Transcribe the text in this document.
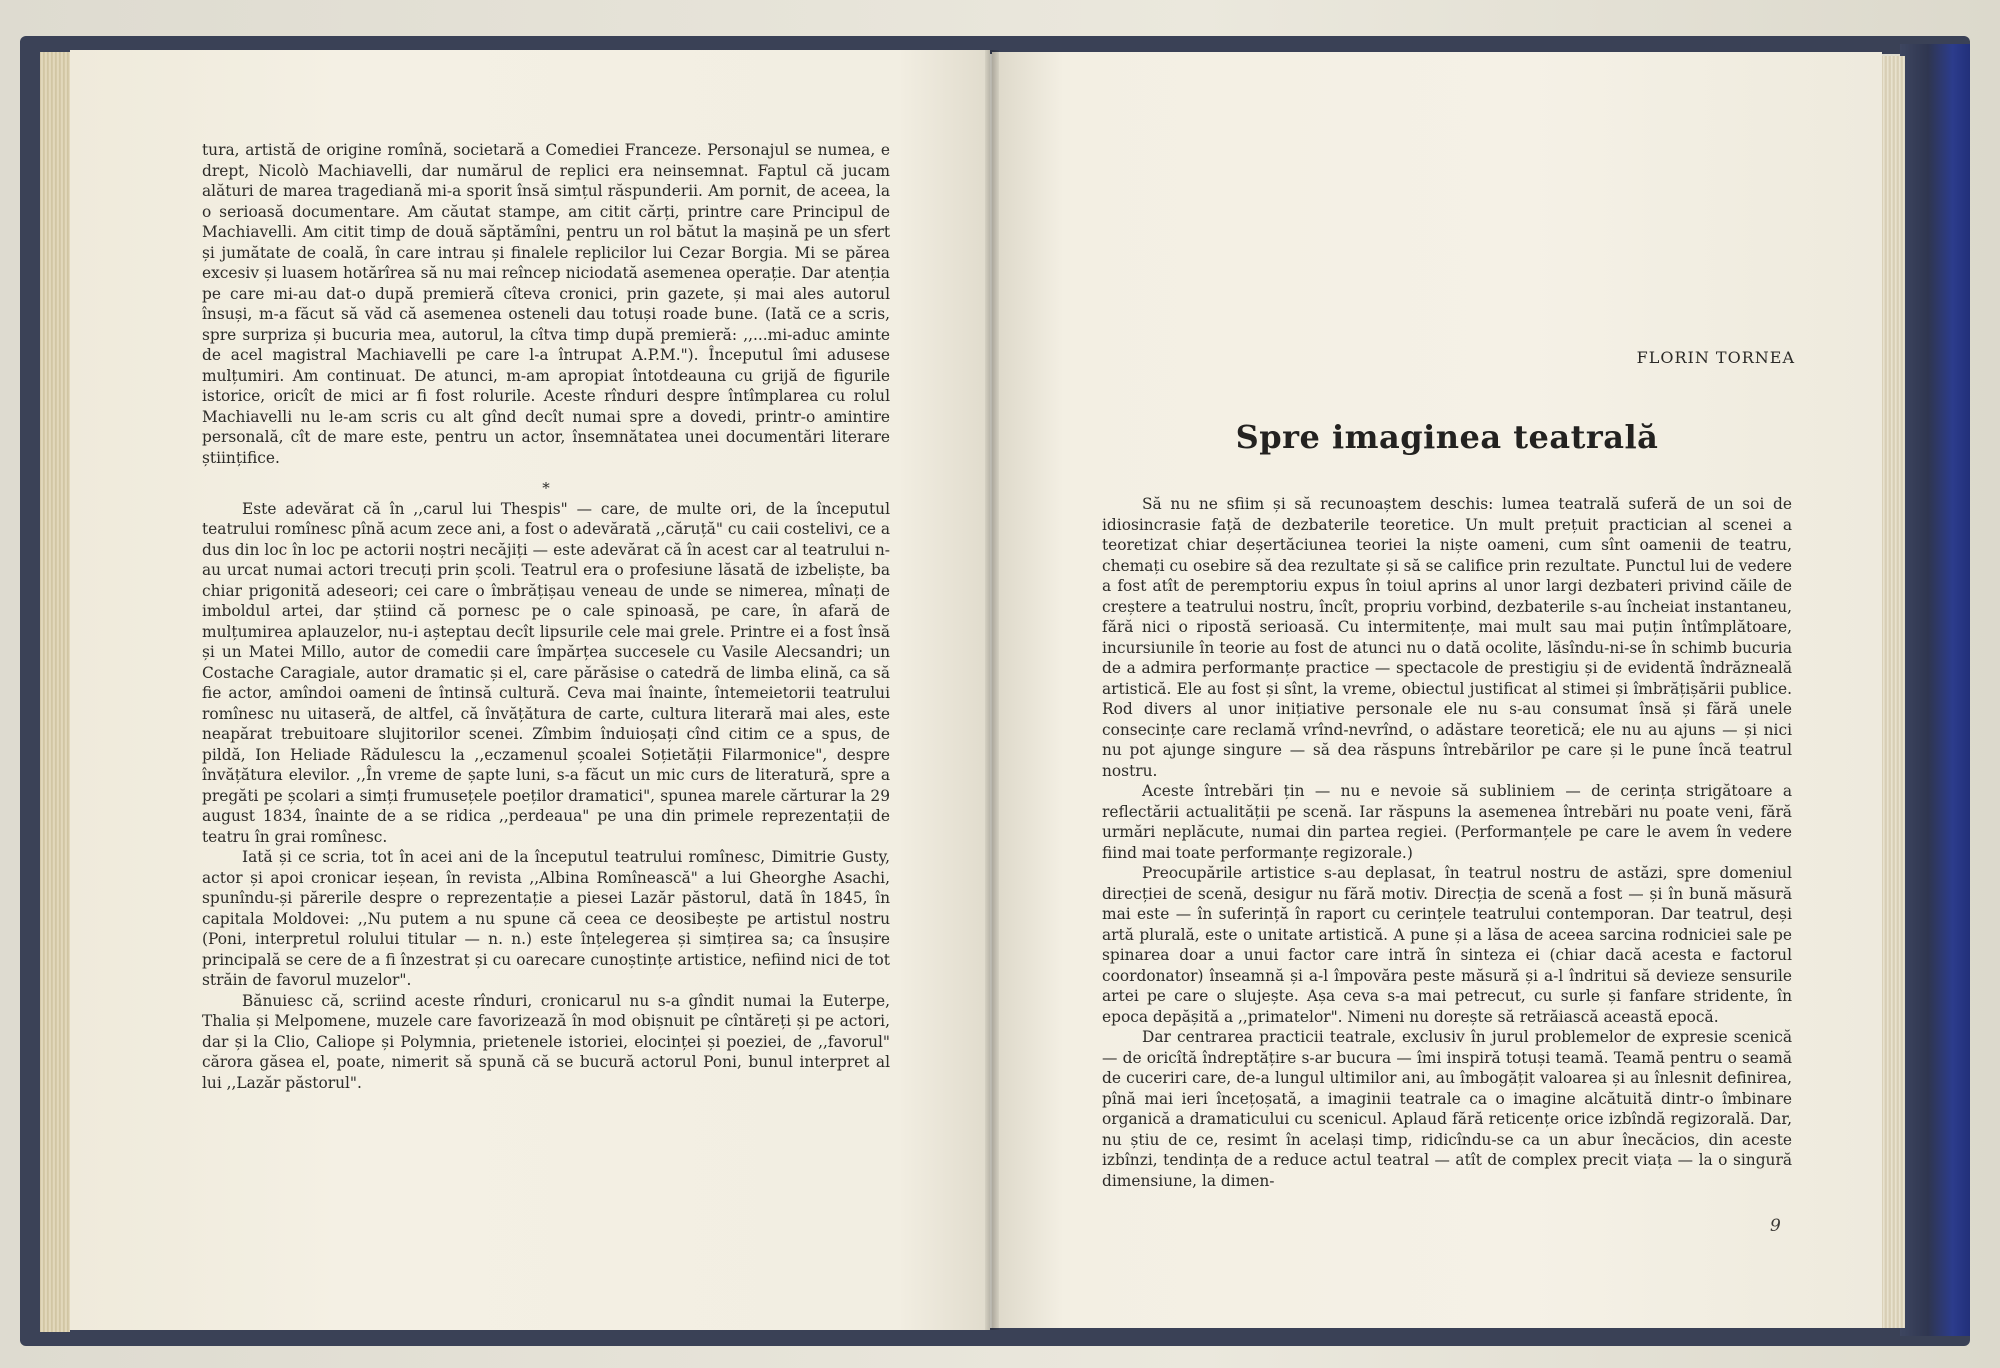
tura, artistă de origine romînă, societară a Comediei Franceze. Personajul se numea, e drept, Nicolò Machiavelli, dar numărul de replici era neinsemnat. Faptul că jucam alături de marea tragediană mi-a sporit însă simțul răspunderii. Am pornit, de aceea, la o serioasă documentare. Am căutat stampe, am citit cărți, printre care Principul de Machiavelli. Am citit timp de două săptămîni, pentru un rol bătut la mașină pe un sfert și jumătate de coală, în care intrau și finalele replicilor lui Cezar Borgia. Mi se părea excesiv și luasem hotărîrea să nu mai reîncep niciodată asemenea operație. Dar atenția pe care mi-au dat-o după premieră cîteva cronici, prin gazete, și mai ales autorul însuși, m-a făcut să văd că asemenea osteneli dau totuși roade bune. (Iată ce a scris, spre surpriza și bucuria mea, autorul, la cîtva timp după premieră: ,,...mi-aduc aminte de acel magistral Machiavelli pe care l-a întrupat A.P.M."). Începutul îmi adusese mulțumiri. Am continuat. De atunci, m-am apropiat întotdeauna cu grijă de figurile istorice, oricît de mici ar fi fost rolurile. Aceste rînduri despre întîmplarea cu rolul Machiavelli nu le-am scris cu alt gînd decît numai spre a dovedi, printr-o amintire personală, cît de mare este, pentru un actor, însemnătatea unei documentări literare științifice.

*

Este adevărat că în ,,carul lui Thespis" — care, de multe ori, de la începutul teatrului romînesc pînă acum zece ani, a fost o adevărată ,,căruță" cu caii costelivi, ce a dus din loc în loc pe actorii noștri necăjiți — este adevărat că în acest car al teatrului n-au urcat numai actori trecuți prin școli. Teatrul era o profesiune lăsată de izbeliște, ba chiar prigonită adeseori; cei care o îmbrățișau veneau de unde se nimerea, mînați de imboldul artei, dar știind că pornesc pe o cale spinoasă, pe care, în afară de mulțumirea aplauzelor, nu-i așteptau decît lipsurile cele mai grele. Printre ei a fost însă și un Matei Millo, autor de comedii care împărțea succesele cu Vasile Alecsandri; un Costache Caragiale, autor dramatic și el, care părăsise o catedră de limba elină, ca să fie actor, amîndoi oameni de întinsă cultură. Ceva mai înainte, întemeietorii teatrului romînesc nu uitaseră, de altfel, că învățătura de carte, cultura literară mai ales, este neapărat trebuitoare slujitorilor scenei. Zîmbim înduioșați cînd citim ce a spus, de pildă, Ion Heliade Rădulescu la ,,eczamenul școalei Soțietății Filarmonice", despre învățătura elevilor. ,,În vreme de șapte luni, s-a făcut un mic curs de literatură, spre a pregăti pe școlari a simți frumusețele poeților dramatici", spunea marele cărturar la 29 august 1834, înainte de a se ridica ,,perdeaua" pe una din primele reprezentații de teatru în grai romînesc.

Iată și ce scria, tot în acei ani de la începutul teatrului romînesc, Dimitrie Gusty, actor și apoi cronicar ieșean, în revista ,,Albina Romînească" a lui Gheorghe Asachi, spunîndu-și părerile despre o reprezentație a piesei Lazăr păstorul, dată în 1845, în capitala Moldovei: ,,Nu putem a nu spune că ceea ce deosibește pe artistul nostru (Poni, interpretul rolului titular — n. n.) este înțelegerea și simțirea sa; ca însușire principală se cere de a fi înzestrat și cu oarecare cunoștințe artistice, nefiind nici de tot străin de favorul muzelor".

Bănuiesc că, scriind aceste rînduri, cronicarul nu s-a gîndit numai la Euterpe, Thalia și Melpomene, muzele care favorizează în mod obișnuit pe cîntăreți și pe actori, dar și la Clio, Caliope și Polymnia, prietenele istoriei, elocinței și poeziei, de ,,favorul" cărora găsea el, poate, nimerit să spună că se bucură actorul Poni, bunul interpret al lui ,,Lazăr păstorul".

FLORIN TORNEA
Spre imaginea teatrală

Să nu ne sfiim și să recunoaștem deschis: lumea teatrală suferă de un soi de idiosincrasie față de dezbaterile teoretice. Un mult prețuit practician al scenei a teoretizat chiar deșertăciunea teoriei la niște oameni, cum sînt oamenii de teatru, chemați cu osebire să dea rezultate și să se califice prin rezultate. Punctul lui de vedere a fost atît de peremptoriu expus în toiul aprins al unor largi dezbateri privind căile de creștere a teatrului nostru, încît, propriu vorbind, dezbaterile s-au încheiat instantaneu, fără nici o ripostă serioasă. Cu intermitențe, mai mult sau mai puțin întîmplătoare, incursiunile în teorie au fost de atunci nu o dată ocolite, lăsîndu-ni-se în schimb bucuria de a admira performanțe practice — spectacole de prestigiu și de evidentă îndrăzneală artistică. Ele au fost și sînt, la vreme, obiectul justificat al stimei și îmbrățișării publice. Rod divers al unor inițiative personale ele nu s-au consumat însă și fără unele consecințe care reclamă vrînd-nevrînd, o adăstare teoretică; ele nu au ajuns — și nici nu pot ajunge singure — să dea răspuns întrebărilor pe care și le pune încă teatrul nostru.

Aceste întrebări țin — nu e nevoie să subliniem — de cerința strigătoare a reflectării actualității pe scenă. Iar răspuns la asemenea întrebări nu poate veni, fără urmări neplăcute, numai din partea regiei. (Performanțele pe care le avem în vedere fiind mai toate performanțe regizorale.)

Preocupările artistice s-au deplasat, în teatrul nostru de astăzi, spre domeniul direcției de scenă, desigur nu fără motiv. Direcția de scenă a fost — și în bună măsură mai este — în suferință în raport cu cerințele teatrului contemporan. Dar teatrul, deși artă plurală, este o unitate artistică. A pune și a lăsa de aceea sarcina rodniciei sale pe spinarea doar a unui factor care intră în sinteza ei (chiar dacă acesta e factorul coordonator) înseamnă și a-l împovăra peste măsură și a-l îndritui să devieze sensurile artei pe care o slujește. Așa ceva s-a mai petrecut, cu surle și fanfare stridente, în epoca depășită a ,,primatelor". Nimeni nu dorește să retrăiască această epocă.

Dar centrarea practicii teatrale, exclusiv în jurul problemelor de expresie scenică — de oricîtă îndreptățire s-ar bucura — îmi inspiră totuși teamă. Teamă pentru o seamă de cuceriri care, de-a lungul ultimilor ani, au îmbogățit valoarea și au înlesnit definirea, pînă mai ieri încețoșată, a imaginii teatrale ca o imagine alcătuită dintr-o îmbinare organică a dramaticului cu scenicul. Aplaud fără reticențe orice izbîndă regizorală. Dar, nu știu de ce, resimt în același timp, ridicîndu-se ca un abur înecăcios, din aceste izbînzi, tendința de a reduce actul teatral — atît de complex precit viața — la o singură dimensiune, la dimen-

9
